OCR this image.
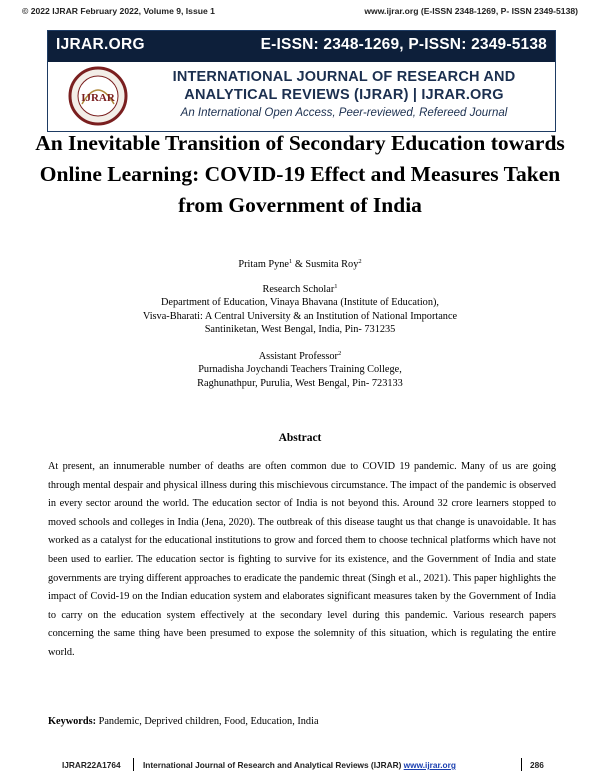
© 2022 IJRAR February 2022, Volume 9, Issue 1	www.ijrar.org (E-ISSN 2348-1269, P- ISSN 2349-5138)
IJRAR.ORG	E-ISSN: 2348-1269, P-ISSN: 2349-5138
IJRAR
INTERNATIONAL JOURNAL OF RESEARCH AND
ANALYTICAL REVIEWS (IJRAR) | IJRAR.ORG
An International Open Access, Peer-reviewed, Refereed Journal
An Inevitable Transition of Secondary Education towards Online Learning: COVID-19 Effect and Measures Taken from Government of India
Pritam Pyne$^1$ & Susmita Roy$^2$
Research Scholar$^1$
Department of Education, Vinaya Bhavana (Institute of Education),
Visva-Bharati: A Central University & an Institution of National Importance
Santiniketan, West Bengal, India, Pin- 731235
Assistant Professor$^2$
Purnadisha Joychandi Teachers Training College,
Raghunathpur, Purulia, West Bengal, Pin- 723133
Abstract

At present, an innumerable number of deaths are often common due to COVID 19 pandemic. Many of us are going through mental despair and physical illness during this mischievous circumstance. The impact of the pandemic is observed in every sector around the world. The education sector of India is not beyond this. Around 32 crore learners stopped to moved schools and colleges in India (Jena, 2020). The outbreak of this disease taught us that change is unavoidable. It has worked as a catalyst for the educational institutions to grow and forced them to choose technical platforms which have not been used to earlier. The education sector is fighting to survive for its existence, and the Government of India and state governments are trying different approaches to eradicate the pandemic threat (Singh et al., 2021). This paper highlights the impact of Covid-19 on the Indian education system and elaborates significant measures taken by the Government of India to carry on the education system effectively at the secondary level during this pandemic. Various research papers concerning the same thing have been presumed to expose the solemnity of this situation, which is regulating the entire world.

Keywords: Pandemic, Deprived children, Food, Education, India
IJRAR22A1764	International Journal of Research and Analytical Reviews (IJRAR) www.ijrar.org	286
